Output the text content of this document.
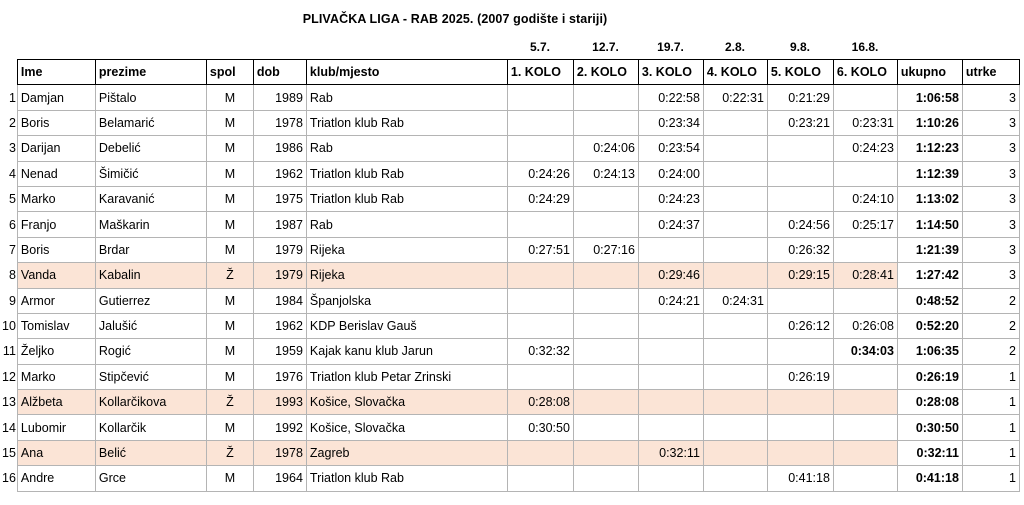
PLIVAČKA LIGA - RAB 2025. (2007 godište i stariji)
5.7.	12.7.	19.7.	2.8.	9.8.	16.8.
	Ime	prezime	spol	dob	klub/mjesto	1. KOLO	2. KOLO	3. KOLO	4. KOLO	5. KOLO	6. KOLO	ukupno	utrke
1	Damjan	Pištalo	M	1989	Rab			0:22:58	0:22:31	0:21:29		1:06:58	3
2	Boris	Belamarić	M	1978	Triatlon klub Rab			0:23:34		0:23:21	0:23:31	1:10:26	3
3	Darijan	Debelić	M	1986	Rab		0:24:06	0:23:54			0:24:23	1:12:23	3
4	Nenad	Šimičić	M	1962	Triatlon klub Rab	0:24:26	0:24:13	0:24:00				1:12:39	3
5	Marko	Karavanić	M	1975	Triatlon klub Rab	0:24:29		0:24:23			0:24:10	1:13:02	3
6	Franjo	Maškarin	M	1987	Rab			0:24:37		0:24:56	0:25:17	1:14:50	3
7	Boris	Brdar	M	1979	Rijeka	0:27:51	0:27:16			0:26:32		1:21:39	3
8	Vanda	Kabalin	Ž	1979	Rijeka			0:29:46		0:29:15	0:28:41	1:27:42	3
9	Armor	Gutierrez	M	1984	Španjolska			0:24:21	0:24:31			0:48:52	2
10	Tomislav	Jalušić	M	1962	KDP Berislav Gauš					0:26:12	0:26:08	0:52:20	2
11	Željko	Rogić	M	1959	Kajak kanu klub Jarun	0:32:32					0:34:03	1:06:35	2
12	Marko	Stipčević	M	1976	Triatlon klub Petar Zrinski					0:26:19		0:26:19	1
13	Alžbeta	Kollarčikova	Ž	1993	Košice, Slovačka	0:28:08						0:28:08	1
14	Lubomir	Kollarčik	M	1992	Košice, Slovačka	0:30:50						0:30:50	1
15	Ana	Belić	Ž	1978	Zagreb			0:32:11				0:32:11	1
16	Andre	Grce	M	1964	Triatlon klub Rab					0:41:18		0:41:18	1
